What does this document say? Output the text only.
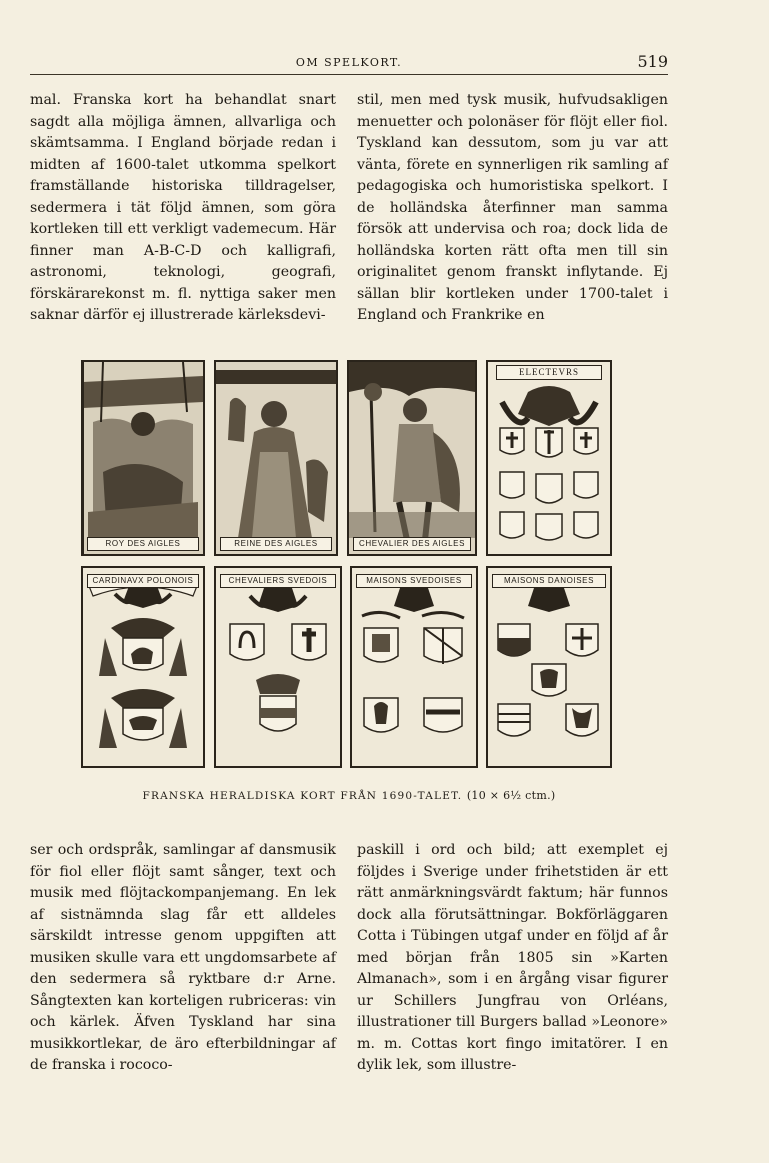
OM SPELKORT.	519

mal. Franska kort ha behandlat snart sagdt alla möjliga ämnen, allvarliga och skämtsamma. I England började redan i midten af 1600-talet utkomma spelkort framställande historiska tilldragelser, sedermera i tät följd ämnen, som göra kortleken till ett verkligt vademecum. Här finner man A-B-C-D och kalligrafi, astronomi, teknologi, geografi, förskärarekonst m. fl. nyttiga saker men saknar därför ej illustrerade kärleksdevi-

stil, men med tysk musik, hufvudsakligen menuetter och polonäser för flöjt eller fiol. Tyskland kan dessutom, som ju var att vänta, förete en synnerligen rik samling af pedagogiska och humoristiska spelkort. I de holländska återfinner man samma försök att undervisa och roa; dock lida de holländska korten rätt ofta men till sin originalitet genom franskt inflytande. Ej sällan blir kortleken under 1700-talet i England och Frankrike en

ROY DES AIGLES	REINE DES AIGLES	CHEVALIER DES AIGLES
ELECTEVRS
CARDINAVX POLONOIS	CHEVALIERS SVEDOIS	MAISONS SVEDOISES	MAISONS DANOISES
FRANSKA HERALDISKA KORT FRÅN 1690-TALET. (10 × 6½ ctm.)

ser och ordspråk, samlingar af dansmusik för fiol eller flöjt samt sånger, text och musik med flöjtackompanjemang. En lek af sistnämnda slag får ett alldeles särskildt intresse genom uppgiften att musiken skulle vara ett ungdomsarbete af den sedermera så ryktbare d:r Arne. Sångtexten kan korteligen rubriceras: vin och kärlek. Äfven Tyskland har sina musikkortlekar, de äro efterbildningar af de franska i rococo-

paskill i ord och bild; att exemplet ej följdes i Sverige under frihetstiden är ett rätt anmärkningsvärdt faktum; här funnos dock alla förutsättningar. Bokförläggaren Cotta i Tübingen utgaf under en följd af år med början från 1805 sin »Karten Almanach», som i en årgång visar figurer ur Schillers Jungfrau von Orléans, illustrationer till Burgers ballad »Leonore» m. m. Cottas kort fingo imitatörer. I en dylik lek, som illustre-
